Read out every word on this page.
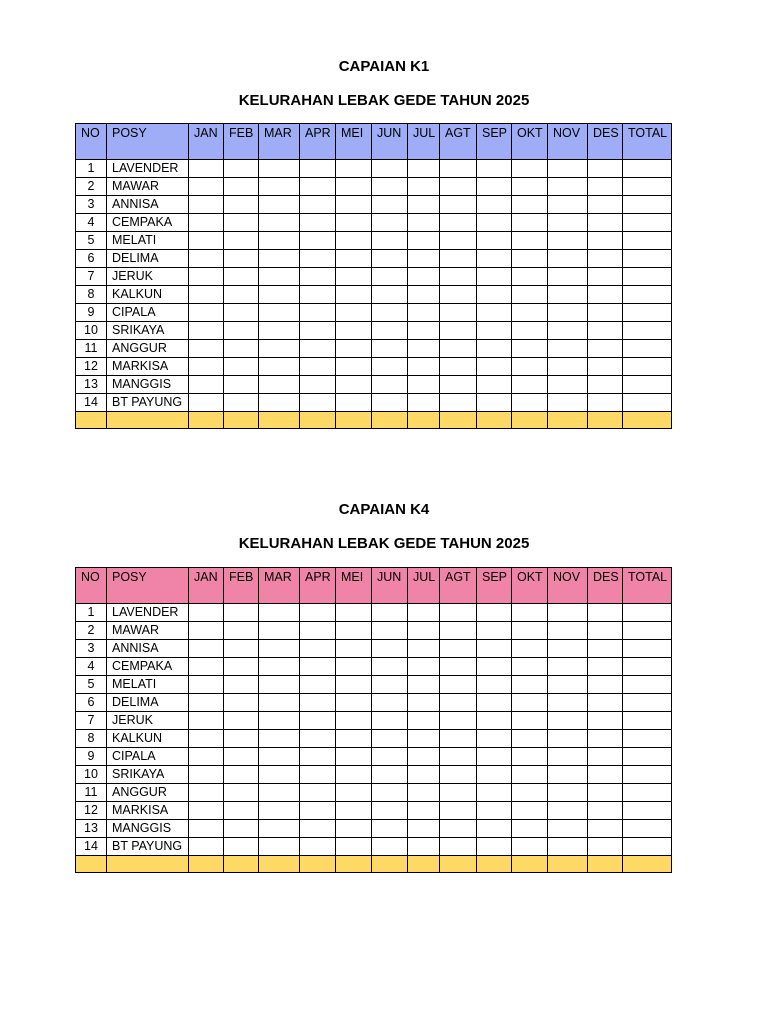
CAPAIAN K1
KELURAHAN LEBAK GEDE TAHUN 2025
NO	POSY	JAN	FEB	MAR	APR	MEI	JUN	JUL	AGT	SEP	OKT	NOV	DES	TOTAL
1	LAVENDER													
2	MAWAR													
3	ANNISA													
4	CEMPAKA													
5	MELATI													
6	DELIMA													
7	JERUK													
8	KALKUN													
9	CIPALA													
10	SRIKAYA													
11	ANGGUR													
12	MARKISA													
13	MANGGIS													
14	BT PAYUNG													

CAPAIAN K4
KELURAHAN LEBAK GEDE TAHUN 2025
NO	POSY	JAN	FEB	MAR	APR	MEI	JUN	JUL	AGT	SEP	OKT	NOV	DES	TOTAL
1	LAVENDER													
2	MAWAR													
3	ANNISA													
4	CEMPAKA													
5	MELATI													
6	DELIMA													
7	JERUK													
8	KALKUN													
9	CIPALA													
10	SRIKAYA													
11	ANGGUR													
12	MARKISA													
13	MANGGIS													
14	BT PAYUNG													
